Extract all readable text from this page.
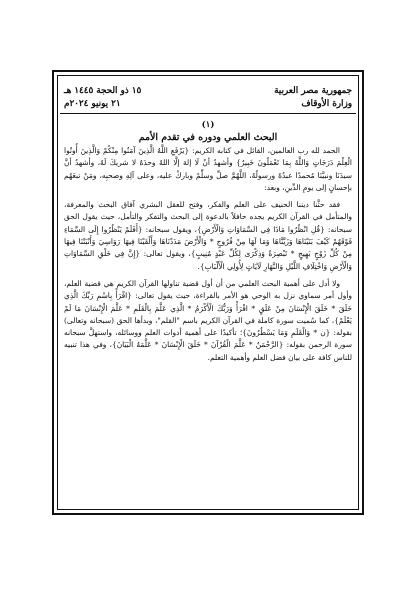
جمهورية مصر العربية
وزارة الأوقاف
١٥ ذو الحجة ١٤٤٥ هـ
٢١ يونيو ٢٠٢٤م
(١)
البحث العلمي ودوره في تقدم الأمم

الحمد لله رب العالمين، القائل في كتابه الكريم: {يَرْفَعِ اللَّهُ الَّذِينَ آمَنُوا مِنْكُمْ وَالَّذِينَ أُوتُوا الْعِلْمَ دَرَجَاتٍ وَاللَّهُ بِمَا تَعْمَلُونَ خَبِيرٌ} وأشهدُ أنْ لَا إلهَ إلَّا اللهُ وحدَهُ لا شريكَ لَهُ، وأشهدُ أنَّ سيدَنَا ونبيَّنَا مُحمدًا عبدُهُ ورسولُهُ، اللَّهُمَّ صلِّ وسلِّمْ وباركْ عليه، وعلى آلِهِ وصحبِه، ومَنْ تبعَهُم بإحسانٍ إلى يومِ الدِّينِ، وبعد:

فقد حثَّنا ديننا الحنيف على العلم والفكر، وفتح للعقل البشري آفاق البحث والمعرفة، والمتأمل في القرآن الكريم يجده حافلاً بالدعوة إلى البحث والتفكر والتأمل، حيث يقول الحق سبحانه: {قُلِ انْظُرُوا مَاذَا فِي السَّمَاوَاتِ وَالْأَرْضِ}، ويقول سبحانه: {أَفَلَمْ يَنْظُرُوا إِلَى السَّمَاءِ فَوْقَهُمْ كَيْفَ بَنَيْنَاهَا وَزَيَّنَّاهَا وَمَا لَهَا مِنْ فُرُوجٍ * وَالْأَرْضَ مَدَدْنَاهَا وَأَلْقَيْنَا فِيهَا رَوَاسِيَ وَأَنْبَتْنَا فِيهَا مِنْ كُلِّ زَوْجٍ بَهِيجٍ * تَبْصِرَةً وَذِكْرَى لِكُلِّ عَبْدٍ مُنِيبٍ}، ويقول تعالى: {إِنَّ فِي خَلْقِ السَّمَاوَاتِ وَالْأَرْضِ وَاخْتِلَافِ اللَّيْلِ وَالنَّهَارِ لَآيَاتٍ لِأُولِي الْأَلْبَابِ}.

ولا أدل على أهمية البحث العلمي من أن أول قضية تناولها القرآن الكريم هي قضية العلم، وأول أمر سماوي نزل به الوحي هو الأمر بالقراءة، حيث يقول تعالى: {اقْرَأْ بِاسْمِ رَبِّكَ الَّذِي خَلَقَ * خَلَقَ الْإِنْسَانَ مِنْ عَلَقٍ * اقْرَأْ وَرَبُّكَ الْأَكْرَمُ * الَّذِي عَلَّمَ بِالْقَلَمِ * عَلَّمَ الْإِنْسَانَ مَا لَمْ يَعْلَمْ}، كما سُميت سورة كاملة في القرآن الكريم باسم "القلم"، وبدأها الحق (سبحانه وتعالى) بقوله: {ن * وَالْقَلَمِ وَمَا يَسْطُرُونَ}؛ تأكيدًا على أهمية أدوات العلم ووسائله، واستهلَّ سبحانه سورة الرحمن بقوله: {الرَّحْمَنُ * عَلَّمَ الْقُرْآنَ * خَلَقَ الْإِنْسَانَ * عَلَّمَهُ الْبَيَانَ}، وفي هذا تنبيه للناس كافة على بيان فضل العلم وأهمية التعلم.
